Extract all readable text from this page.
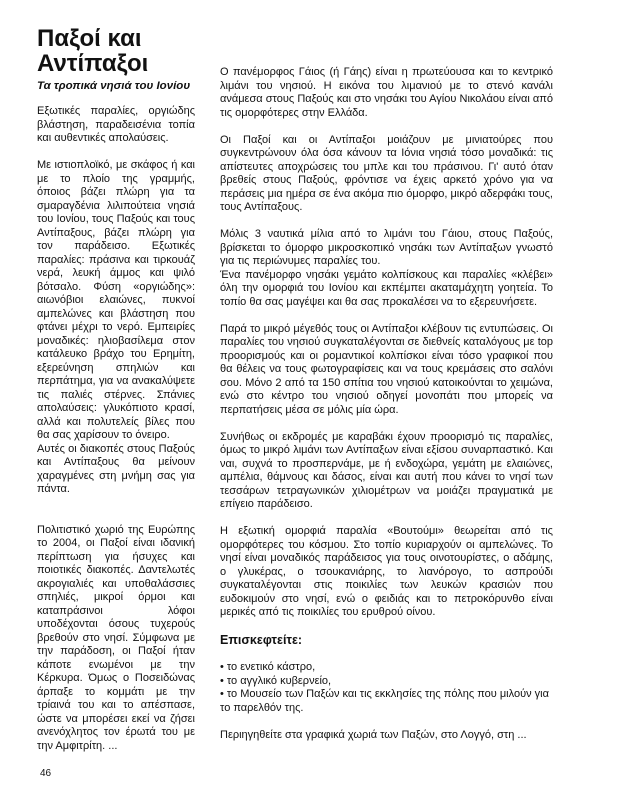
Παξοί και
Αντίπαξοι
Τα τροπικά νησιά του Ιονίου

Εξωτικές παραλίες, οργιώδης βλάστηση, παραδεισένια τοπία και αυθεντικές απολαύσεις.

Με ιστιοπλοϊκό, με σκάφος ή και με το πλοίο της γραμμής, όποιος βάζει πλώρη για τα σμαραγδένια λιλιπούτεια νησιά του Ιονίου, τους Παξούς και τους Αντίπαξους, βάζει πλώρη για τον παράδεισο. Εξωτικές παραλίες: πράσινα και τιρκουάζ νερά, λευκή άμμος και ψιλό βότσαλο. Φύση «οργιώδης»: αιωνόβιοι ελαιώνες, πυκνοί αμπελώνες και βλάστηση που φτάνει μέχρι το νερό. Εμπειρίες μοναδικές: ηλιοβασίλεμα στον κατάλευκο βράχο του Ερημίτη, εξερεύνηση σπηλιών και περπάτημα, για να ανακαλύψετε τις παλιές στέρνες. Σπάνιες απολαύσεις: γλυκόπιοτο κρασί, αλλά και πολυτελείς βίλες που θα σας χαρίσουν το όνειρο.

Αυτές οι διακοπές στους Παξούς και Αντίπαξους θα μείνουν χαραγμένες στη μνήμη σας για πάντα.

Πολιτιστικό χωριό της Ευρώπης το 2004, οι Παξοί είναι ιδανική περίπτωση για ήσυχες και ποιοτικές διακοπές. Δαντελωτές ακρογιαλιές και υποθαλάσσιες σπηλιές, μικροί όρμοι και καταπράσινοι λόφοι υποδέχονται όσους τυχερούς βρεθούν στο νησί. Σύμφωνα με την παράδοση, οι Παξοί ήταν κάποτε ενωμένοι με την Κέρκυρα. Όμως ο Ποσειδώνας άρπαξε το κομμάτι με την τρίαινά του και το απέσπασε, ώστε να μπορέσει εκεί να ζήσει ανενόχλητος τον έρωτά του με την Αμφιτρίτη. ...

Ο πανέμορφος Γάιος (ή Γάης) είναι η πρωτεύουσα και το κεντρικό λιμάνι του νησιού. Η εικόνα του λιμανιού με το στενό κανάλι ανάμεσα στους Παξούς και στο νησάκι του Αγίου Νικολάου είναι από τις ομορφότερες στην Ελλάδα.

Οι Παξοί και οι Αντίπαξοι μοιάζουν με μινιατούρες που συγκεντρώνουν όλα όσα κάνουν τα Ιόνια νησιά τόσο μοναδικά: τις απίστευτες αποχρώσεις του μπλε και του πράσινου. Γι' αυτό όταν βρεθείς στους Παξούς, φρόντισε να έχεις αρκετό χρόνο για να περάσεις μια ημέρα σε ένα ακόμα πιο όμορφο, μικρό αδερφάκι τους, τους Αντίπαξους.

Μόλις 3 ναυτικά μίλια από το λιμάνι του Γάιου, στους Παξούς, βρίσκεται το όμορφο μικροσκοπικό νησάκι των Αντίπαξων γνωστό για τις περιώνυμες παραλίες του.

Ένα πανέμορφο νησάκι γεμάτο κολπίσκους και παραλίες «κλέβει» όλη την ομορφιά του Ιονίου και εκπέμπει ακαταμάχητη γοητεία. Το τοπίο θα σας μαγέψει και θα σας προκαλέσει να το εξερευνήσετε.

Παρά το μικρό μέγεθός τους οι Αντίπαξοι κλέβουν τις εντυπώσεις. Οι παραλίες του νησιού συγκαταλέγονται σε διεθνείς καταλόγους με top προορισμούς και οι ρομαντικοί κολπίσκοι είναι τόσο γραφικοί που θα θέλεις να τους φωτογραφίσεις και να τους κρεμάσεις στο σαλόνι σου. Μόνο 2 από τα 150 σπίτια του νησιού κατοικούνται το χειμώνα, ενώ στο κέντρο του νησιού οδηγεί μονοπάτι που μπορείς να περπατήσεις μέσα σε μόλις μία ώρα.

Συνήθως οι εκδρομές με καραβάκι έχουν προορισμό τις παραλίες, όμως το μικρό λιμάνι των Αντίπαξων είναι εξίσου συναρπαστικό. Και ναι, συχνά το προσπερνάμε, με ή ενδοχώρα, γεμάτη με ελαιώνες, αμπέλια, θάμνους και δάσος, είναι και αυτή που κάνει το νησί των τεσσάρων τετραγωνικών χιλιομέτρων να μοιάζει πραγματικά με επίγειο παράδεισο.

Η εξωτική ομορφιά παραλία «Βουτούμι» θεωρείται από τις ομορφότερες του κόσμου. Στο τοπίο κυριαρχούν οι αμπελώνες. Το νησί είναι μοναδικός παράδεισος για τους οινοτουρίστες, ο αδάμης, ο γλυκέρας, ο τσουκανιάρης, το λιανόρογο, το ασπρούδι συγκαταλέγονται στις ποικιλίες των λευκών κρασιών που ευδοκιμούν στο νησί, ενώ ο φειδιάς και το πετροκόρυνθο είναι μερικές από τις ποικιλίες του ερυθρού οίνου.

Επισκεφτείτε:
• το ενετικό κάστρο,
• το αγγλικό κυβερνείο,
• το Μουσείο των Παξών και τις εκκλησίες της πόλης που μιλούν για το παρελθόν της.

Περιηγηθείτε στα γραφικά χωριά των Παξών, στο Λογγό, στη ...

46
